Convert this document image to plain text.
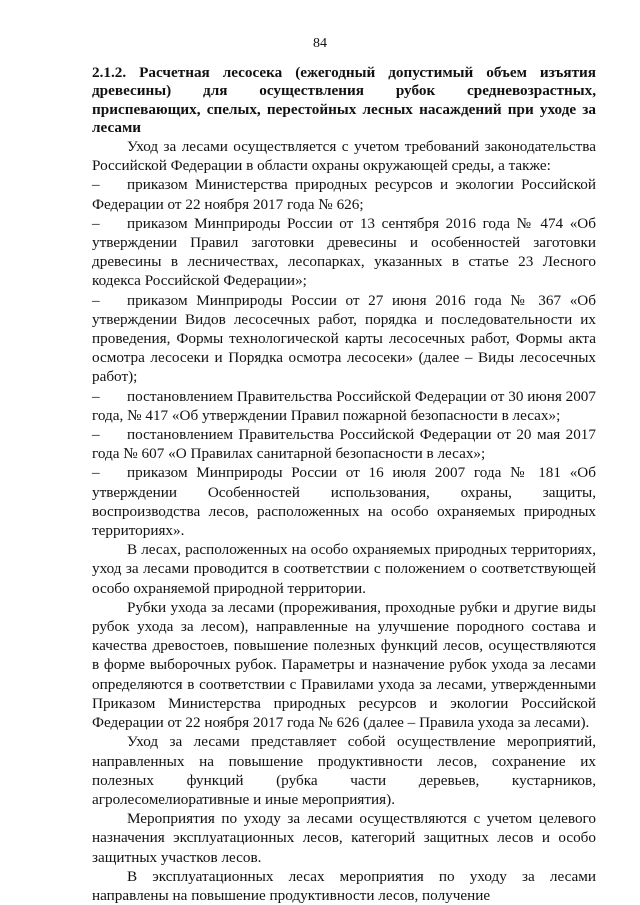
84
2.1.2. Расчетная лесосека (ежегодный допустимый объем изъятия древесины) для осуществления рубок средневозрастных, приспевающих, спелых, перестойных лесных насаждений при уходе за лесами

Уход за лесами осуществляется с учетом требований законодательства Российской Федерации в области охраны окружающей среды, а также:

– приказом Министерства природных ресурсов и экологии Российской Федерации от 22 ноября 2017 года № 626;

– приказом Минприроды России от 13 сентября 2016 года № 474 «Об утверждении Правил заготовки древесины и особенностей заготовки древесины в лесничествах, лесопарках, указанных в статье 23 Лесного кодекса Российской Федерации»;

– приказом Минприроды России от 27 июня 2016 года № 367 «Об утверждении Видов лесосечных работ, порядка и последовательности их проведения, Формы технологической карты лесосечных работ, Формы акта осмотра лесосеки и Порядка осмотра лесосеки» (далее – Виды лесосечных работ);

– постановлением Правительства Российской Федерации от 30 июня 2007 года, № 417 «Об утверждении Правил пожарной безопасности в лесах»;

– постановлением Правительства Российской Федерации от 20 мая 2017 года № 607 «О Правилах санитарной безопасности в лесах»;

– приказом Минприроды России от 16 июля 2007 года № 181 «Об утверждении Особенностей использования, охраны, защиты, воспроизводства лесов, расположенных на особо охраняемых природных территориях».

В лесах, расположенных на особо охраняемых природных территориях, уход за лесами проводится в соответствии с положением о соответствующей особо охраняемой природной территории.

Рубки ухода за лесами (прореживания, проходные рубки и другие виды рубок ухода за лесом), направленные на улучшение породного состава и качества древостоев, повышение полезных функций лесов, осуществляются в форме выборочных рубок. Параметры и назначение рубок ухода за лесами определяются в соответствии с Правилами ухода за лесами, утвержденными Приказом Министерства природных ресурсов и экологии Российской Федерации от 22 ноября 2017 года № 626 (далее – Правила ухода за лесами).

Уход за лесами представляет собой осуществление мероприятий, направленных на повышение продуктивности лесов, сохранение их полезных функций (рубка части деревьев, кустарников, агролесомелиоративные и иные мероприятия).

Мероприятия по уходу за лесами осуществляются с учетом целевого назначения эксплуатационных лесов, категорий защитных лесов и особо защитных участков лесов.

В эксплуатационных лесах мероприятия по уходу за лесами направлены на повышение продуктивности лесов, получение
